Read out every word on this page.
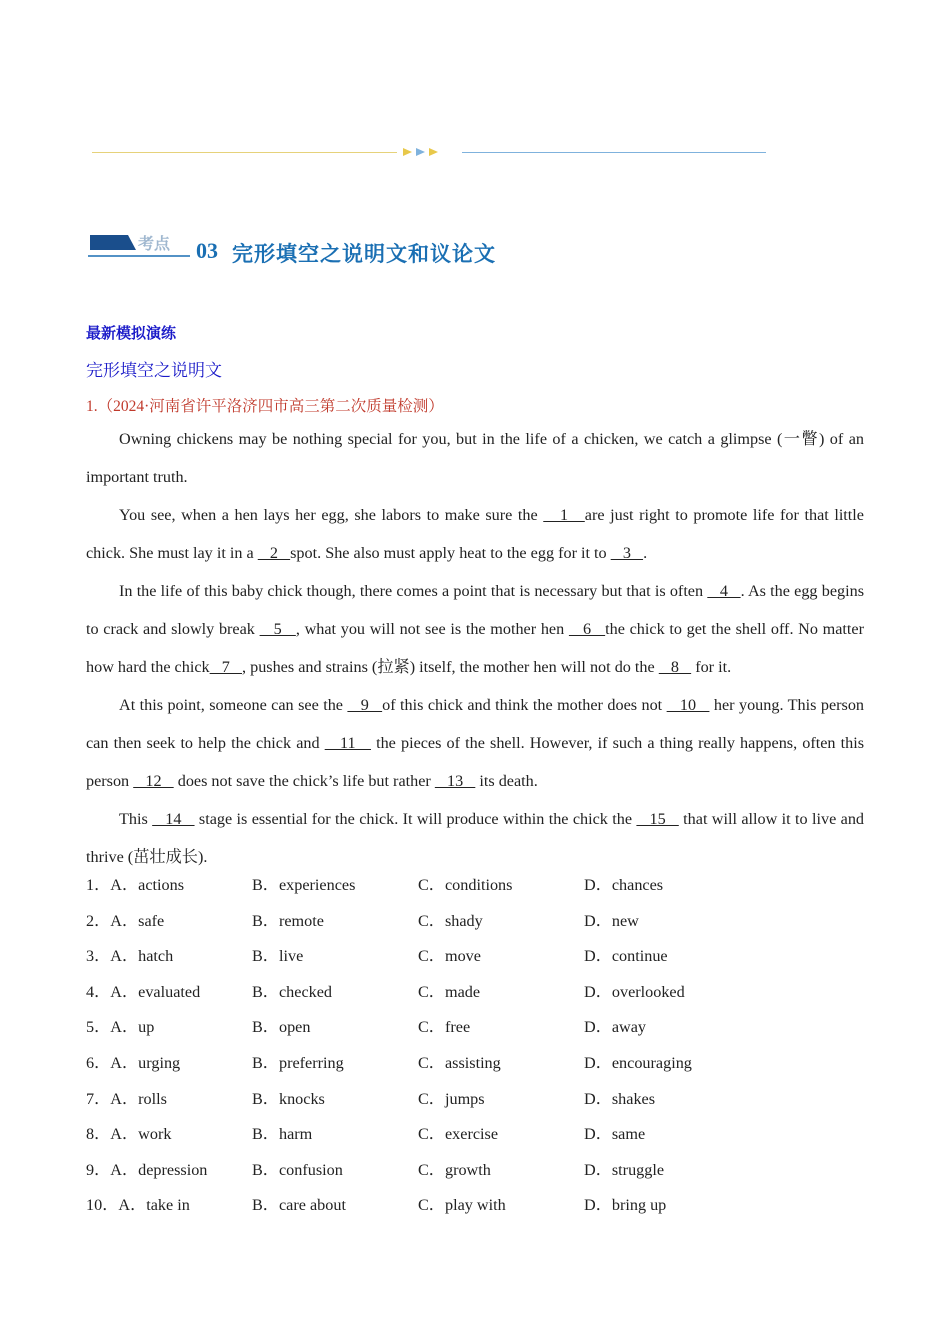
考点 03 完形填空之说明文和议论文
最新模拟演练
完形填空之说明文
1.（2024·河南省许平洛济四市高三第二次质量检测）

Owning chickens may be nothing special for you, but in the life of a chicken, we catch a glimpse (一瞥) of an important truth.

You see, when a hen lays her egg, she labors to make sure the    1   are just right to promote life for that little chick. She must lay it in a    2   spot. She also must apply heat to the egg for it to    3   .

In the life of this baby chick though, there comes a point that is necessary but that is often    4   . As the egg begins to crack and slowly break    5   , what you will not see is the mother hen    6   the chick to get the shell off. No matter how hard the chick   7   , pushes and strains (拉紧) itself, the mother hen will not do the    8    for it.

At this point, someone can see the    9   of this chick and think the mother does not    10    her young. This person can then seek to help the chick and    11    the pieces of the shell. However, if such a thing really happens, often this person    12    does not save the chick’s life but rather    13    its death.

This    14    stage is essential for the chick. It will produce within the chick the    15    that will allow it to live and thrive (茁壮成长).

1．A．actions	B．experiences	C．conditions	D．chances
2．A．safe	B．remote	C．shady	D．new
3．A．hatch	B．live	C．move	D．continue
4．A．evaluated	B．checked	C．made	D．overlooked
5．A．up	B．open	C．free	D．away
6．A．urging	B．preferring	C．assisting	D．encouraging
7．A．rolls	B．knocks	C．jumps	D．shakes
8．A．work	B．harm	C．exercise	D．same
9．A．depression	B．confusion	C．growth	D．struggle
10．A．take in	B．care about	C．play with	D．bring up
